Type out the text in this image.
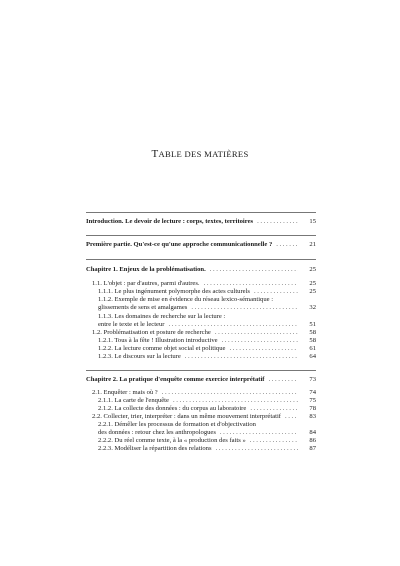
TABLE DES MATIÈRES
Introduction. Le devoir de lecture : corps, textes, territoires .....	15
Première partie. Qu'est-ce qu'une approche communicationnelle ? .....	21
Chapitre 1. Enjeux de la problématisation. .....	25
1.1. L'objet : par d'autres, parmi d'autres. .....	25
1.1.1. Le plus ingénument polymorphe des actes culturels .....	25
1.1.2. Exemple de mise en évidence du réseau lexico-sémantique :
glissements de sens et amalgames .....	32
1.1.3. Les domaines de recherche sur la lecture :
entre le texte et le lecteur .....	51
1.2. Problématisation et posture de recherche .....	58
1.2.1. Tous à la fête ! Illustration introductive .....	58
1.2.2. La lecture comme objet social et politique .....	61
1.2.3. Le discours sur la lecture .....	64
Chapitre 2. La pratique d'enquête comme exercice interprétatif .....	73
2.1. Enquêter : mais où ? .....	74
2.1.1. La carte de l'enquête .....	75
2.1.2. La collecte des données : du corpus au laboratoire .....	78
2.2. Collecter, trier, interpréter : dans un même mouvement interprétatif .....	83
2.2.1. Démêler les processus de formation et d'objectivation
des données : retour chez les anthropologues .....	84
2.2.2. Du réel comme texte, à la « production des faits » .....	86
2.2.3. Modéliser la répartition des relations .....	87
